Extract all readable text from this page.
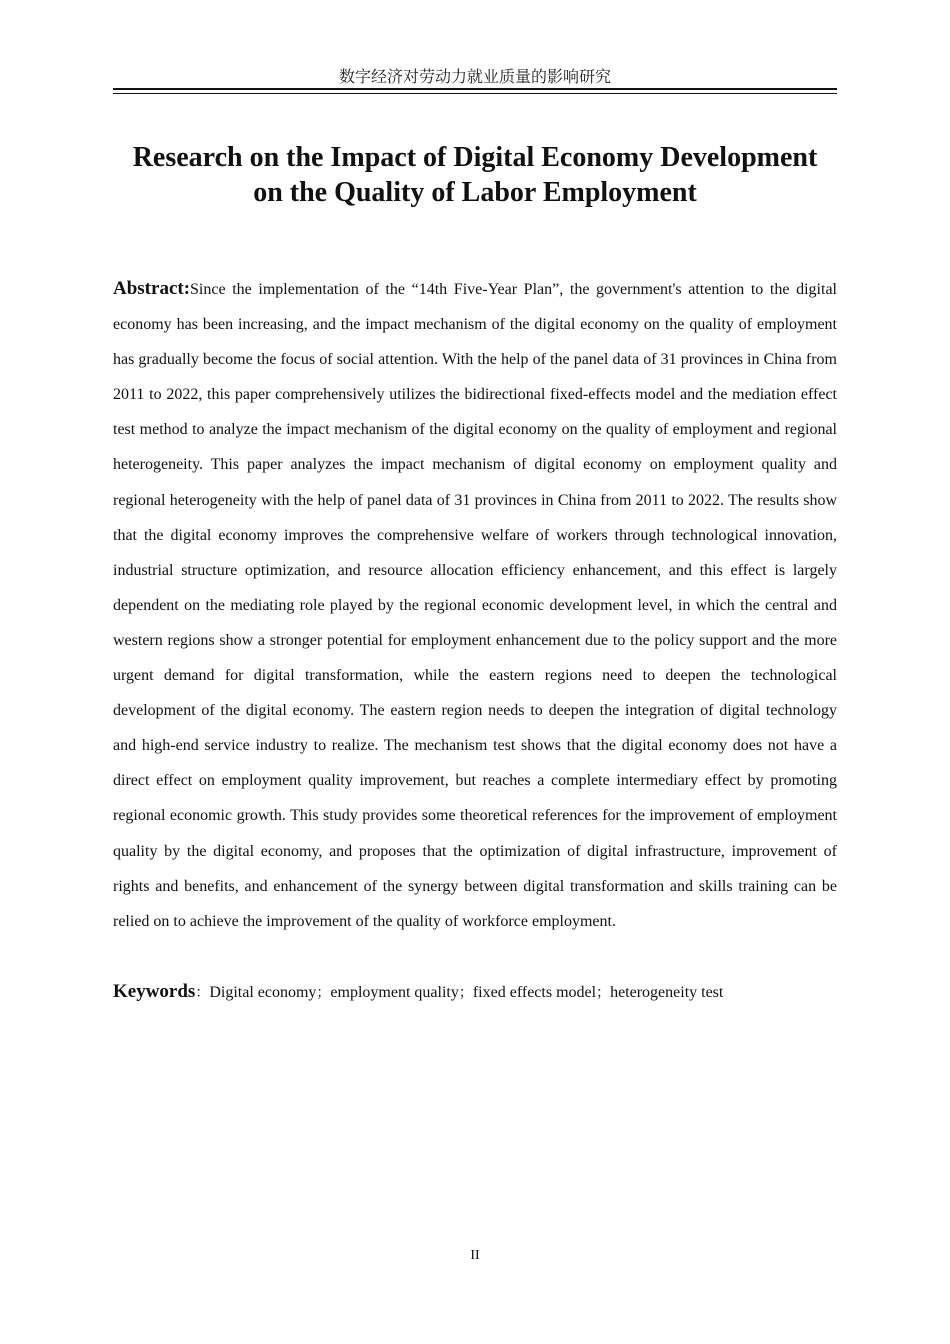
数字经济对劳动力就业质量的影响研究
Research on the Impact of Digital Economy Development
on the Quality of Labor Employment

Abstract:Since the implementation of the “14th Five-Year Plan”, the government's attention to the digital economy has been increasing, and the impact mechanism of the digital economy on the quality of employment has gradually become the focus of social attention. With the help of the panel data of 31 provinces in China from 2011 to 2022, this paper comprehensively utilizes the bidirectional fixed-effects model and the mediation effect test method to analyze the impact mechanism of the digital economy on the quality of employment and regional heterogeneity. This paper analyzes the impact mechanism of digital economy on employment quality and regional heterogeneity with the help of panel data of 31 provinces in China from 2011 to 2022. The results show that the digital economy improves the comprehensive welfare of workers through technological innovation, industrial structure optimization, and resource allocation efficiency enhancement, and this effect is largely dependent on the mediating role played by the regional economic development level, in which the central and western regions show a stronger potential for employment enhancement due to the policy support and the more urgent demand for digital transformation, while the eastern regions need to deepen the technological development of the digital economy. The eastern region needs to deepen the integration of digital technology and high-end service industry to realize. The mechanism test shows that the digital economy does not have a direct effect on employment quality improvement, but reaches a complete intermediary effect by promoting regional economic growth. This study provides some theoretical references for the improvement of employment quality by the digital economy, and proposes that the optimization of digital infrastructure, improvement of rights and benefits, and enhancement of the synergy between digital transformation and skills training can be relied on to achieve the improvement of the quality of workforce employment.

Keywords：Digital economy；employment quality；fixed effects model；heterogeneity test

II
